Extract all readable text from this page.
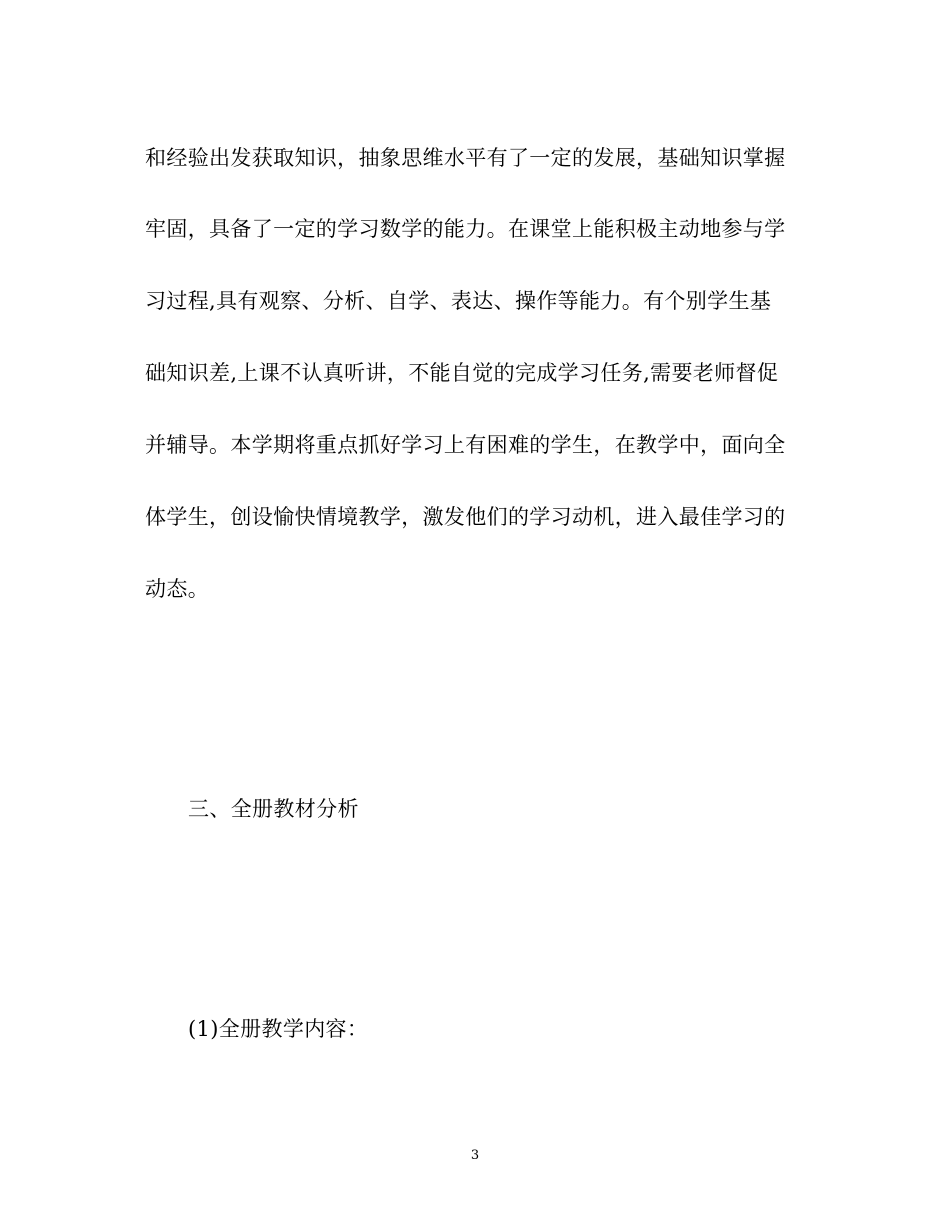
和经验出发获取知识，抽象思维水平有了一定的发展，基础知识掌握
牢固，具备了一定的学习数学的能力。在课堂上能积极主动地参与学
习过程,具有观察、分析、自学、表达、操作等能力。有个别学生基
础知识差,上课不认真听讲，不能自觉的完成学习任务,需要老师督促
并辅导。本学期将重点抓好学习上有困难的学生，在教学中，面向全
体学生，创设愉快情境教学，激发他们的学习动机，进入最佳学习的
动态。
三、全册教材分析
(1)全册教学内容：
3
